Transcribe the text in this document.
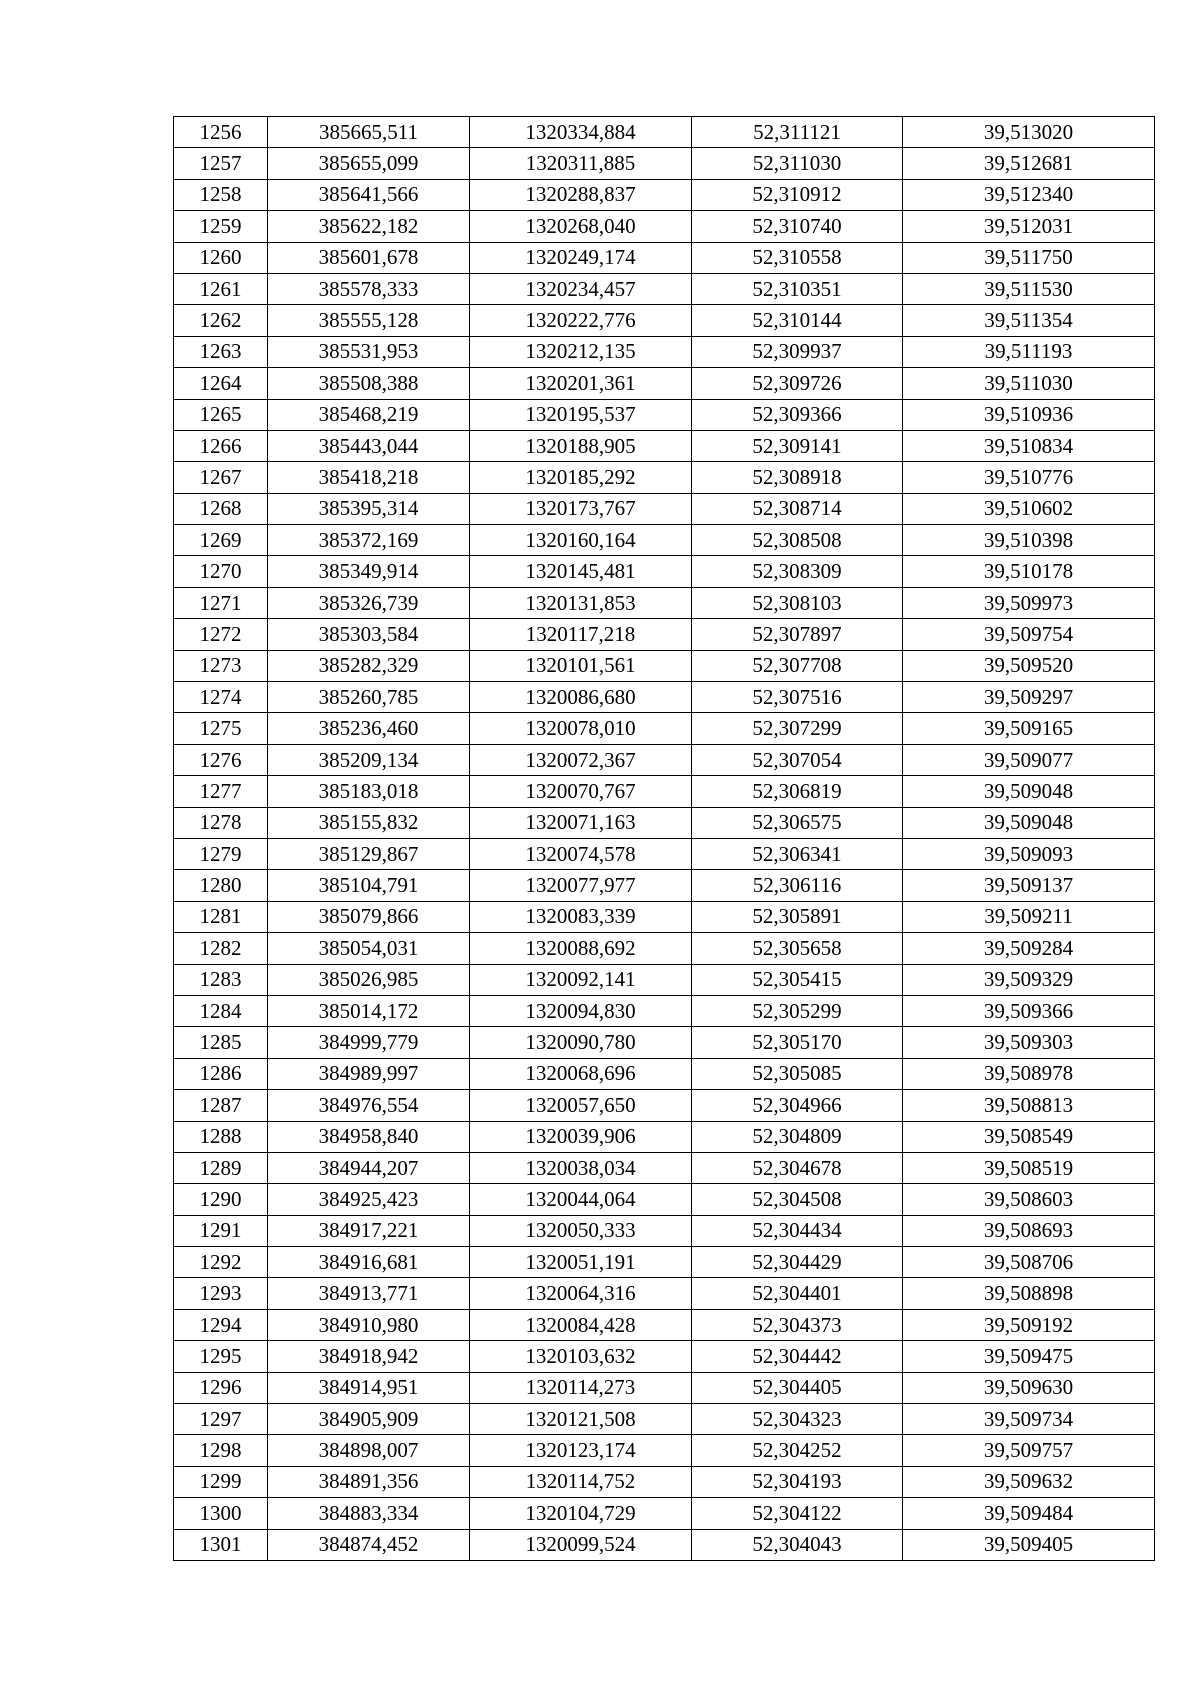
1256	385665,511	1320334,884	52,311121	39,513020
1257	385655,099	1320311,885	52,311030	39,512681
1258	385641,566	1320288,837	52,310912	39,512340
1259	385622,182	1320268,040	52,310740	39,512031
1260	385601,678	1320249,174	52,310558	39,511750
1261	385578,333	1320234,457	52,310351	39,511530
1262	385555,128	1320222,776	52,310144	39,511354
1263	385531,953	1320212,135	52,309937	39,511193
1264	385508,388	1320201,361	52,309726	39,511030
1265	385468,219	1320195,537	52,309366	39,510936
1266	385443,044	1320188,905	52,309141	39,510834
1267	385418,218	1320185,292	52,308918	39,510776
1268	385395,314	1320173,767	52,308714	39,510602
1269	385372,169	1320160,164	52,308508	39,510398
1270	385349,914	1320145,481	52,308309	39,510178
1271	385326,739	1320131,853	52,308103	39,509973
1272	385303,584	1320117,218	52,307897	39,509754
1273	385282,329	1320101,561	52,307708	39,509520
1274	385260,785	1320086,680	52,307516	39,509297
1275	385236,460	1320078,010	52,307299	39,509165
1276	385209,134	1320072,367	52,307054	39,509077
1277	385183,018	1320070,767	52,306819	39,509048
1278	385155,832	1320071,163	52,306575	39,509048
1279	385129,867	1320074,578	52,306341	39,509093
1280	385104,791	1320077,977	52,306116	39,509137
1281	385079,866	1320083,339	52,305891	39,509211
1282	385054,031	1320088,692	52,305658	39,509284
1283	385026,985	1320092,141	52,305415	39,509329
1284	385014,172	1320094,830	52,305299	39,509366
1285	384999,779	1320090,780	52,305170	39,509303
1286	384989,997	1320068,696	52,305085	39,508978
1287	384976,554	1320057,650	52,304966	39,508813
1288	384958,840	1320039,906	52,304809	39,508549
1289	384944,207	1320038,034	52,304678	39,508519
1290	384925,423	1320044,064	52,304508	39,508603
1291	384917,221	1320050,333	52,304434	39,508693
1292	384916,681	1320051,191	52,304429	39,508706
1293	384913,771	1320064,316	52,304401	39,508898
1294	384910,980	1320084,428	52,304373	39,509192
1295	384918,942	1320103,632	52,304442	39,509475
1296	384914,951	1320114,273	52,304405	39,509630
1297	384905,909	1320121,508	52,304323	39,509734
1298	384898,007	1320123,174	52,304252	39,509757
1299	384891,356	1320114,752	52,304193	39,509632
1300	384883,334	1320104,729	52,304122	39,509484
1301	384874,452	1320099,524	52,304043	39,509405
